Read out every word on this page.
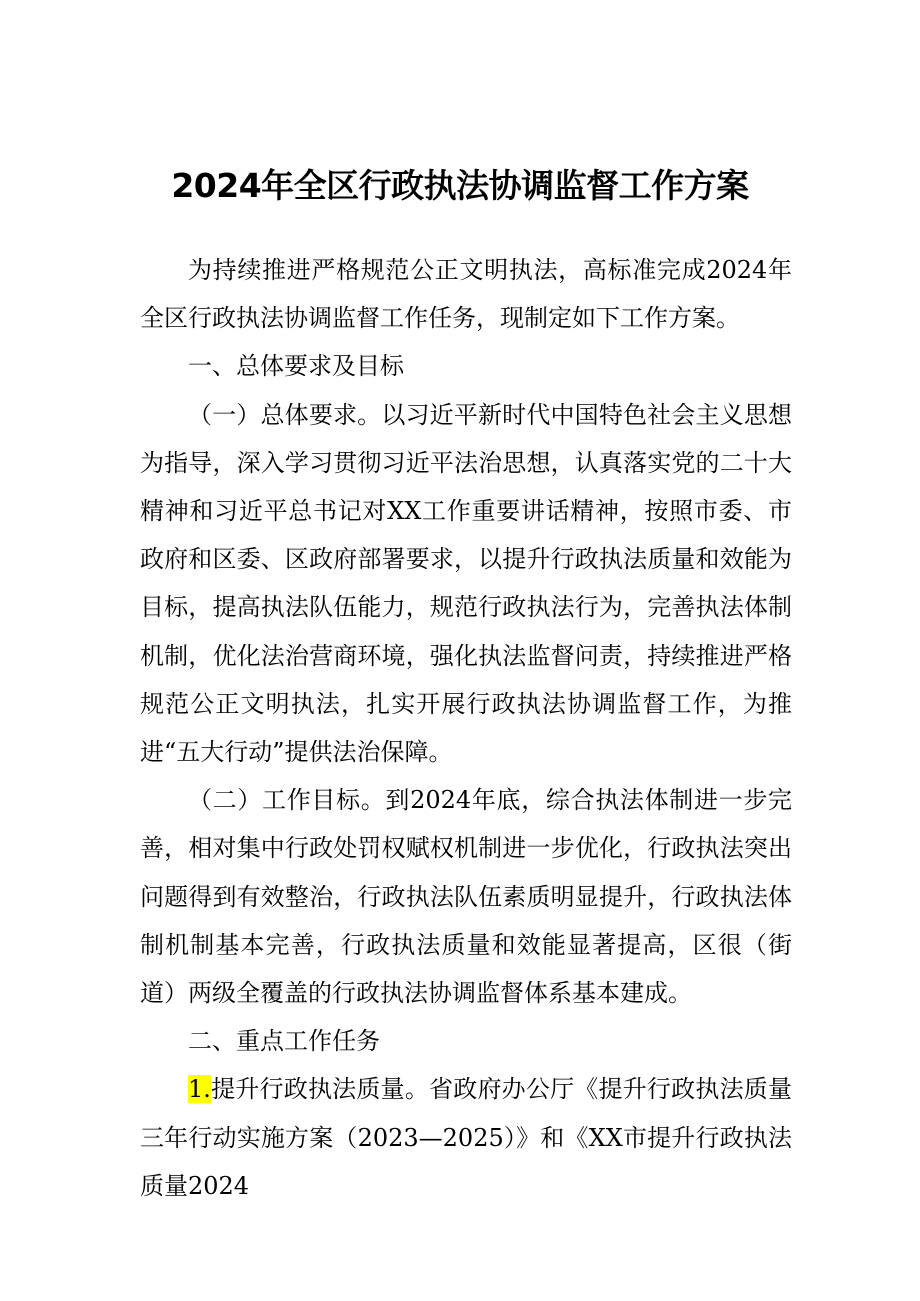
2024年全区行政执法协调监督工作方案

为持续推进严格规范公正文明执法，高标准完成2024年全区行政执法协调监督工作任务，现制定如下工作方案。

一、总体要求及目标

（一）总体要求。以习近平新时代中国特色社会主义思想为指导，深入学习贯彻习近平法治思想，认真落实党的二十大精神和习近平总书记对XX工作重要讲话精神，按照市委、市政府和区委、区政府部署要求，以提升行政执法质量和效能为目标，提高执法队伍能力，规范行政执法行为，完善执法体制机制，优化法治营商环境，强化执法监督问责，持续推进严格规范公正文明执法，扎实开展行政执法协调监督工作，为推进“五大行动”提供法治保障。

（二）工作目标。到2024年底，综合执法体制进一步完善，相对集中行政处罚权赋权机制进一步优化，行政执法突出问题得到有效整治，行政执法队伍素质明显提升，行政执法体制机制基本完善，行政执法质量和效能显著提高，区很（街道）两级全覆盖的行政执法协调监督体系基本建成。

二、重点工作任务

1.提升行政执法质量。省政府办公厅《提升行政执法质量三年行动实施方案（2023—2025）》和《XX市提升行政执法质量2024
